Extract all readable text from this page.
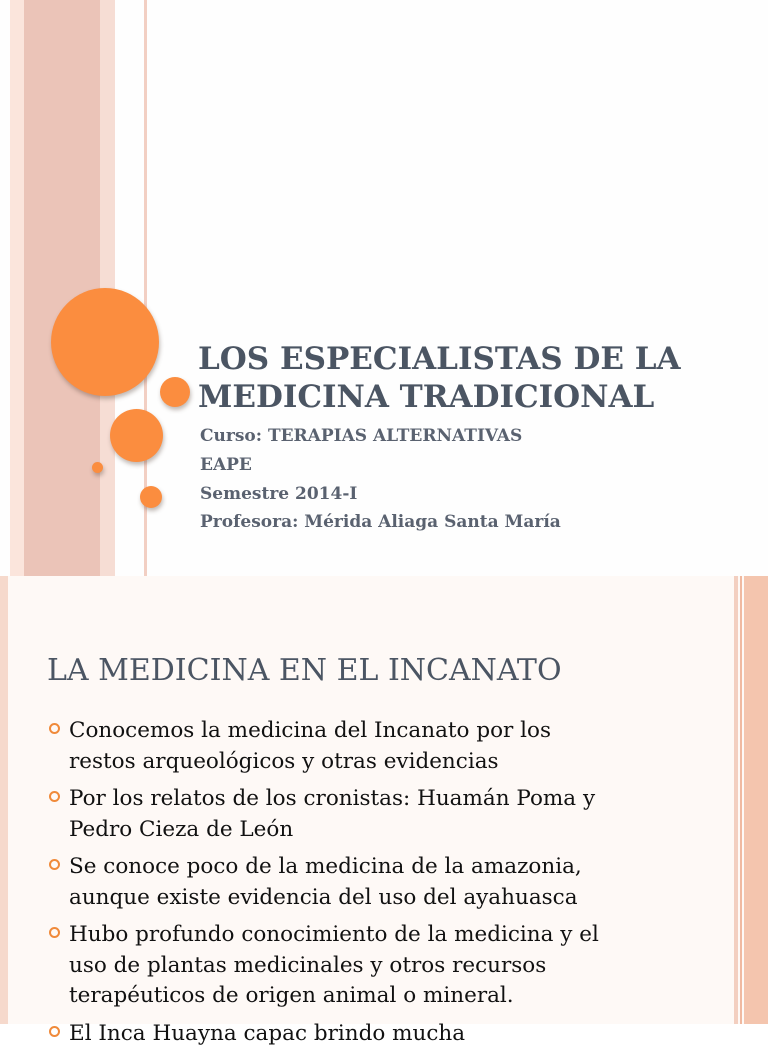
LOS ESPECIALISTAS DE LA
MEDICINA TRADICIONAL
Curso: TERAPIAS ALTERNATIVAS
EAPE
Semestre 2014-I
Profesora: Mérida Aliaga Santa María
LA MEDICINA EN EL INCANATO
Conocemos la medicina del Incanato por los
restos arqueológicos y otras evidencias
Por los relatos de los cronistas: Huamán Poma y
Pedro Cieza de León
Se conoce poco de la medicina de la amazonia,
aunque existe evidencia del uso del ayahuasca
Hubo profundo conocimiento de la medicina y el
uso de plantas medicinales y otros recursos
terapéuticos de origen animal o mineral.
El Inca Huayna capac brindo mucha
